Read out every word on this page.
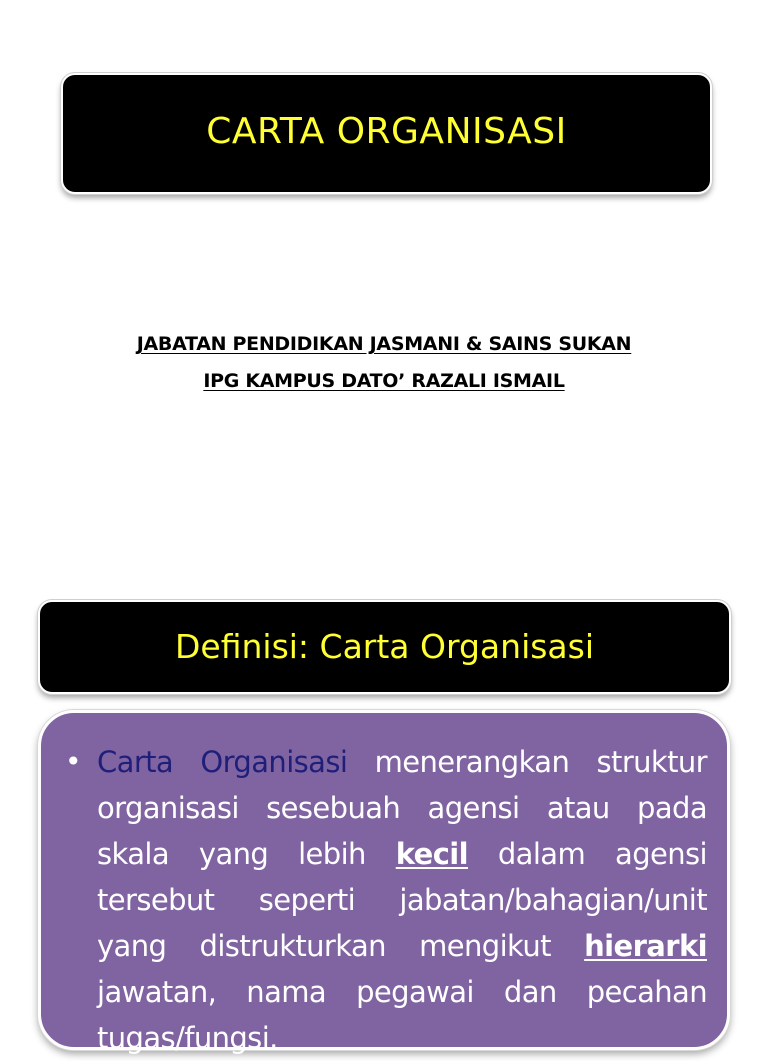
CARTA ORGANISASI
JABATAN PENDIDIKAN JASMANI & SAINS SUKAN
IPG KAMPUS DATO’ RAZALI ISMAIL
Definisi: Carta Organisasi
• Carta Organisasi menerangkan struktur organisasi sesebuah agensi atau pada skala yang lebih kecil dalam agensi tersebut seperti jabatan/bahagian/unit yang distrukturkan mengikut hierarki jawatan, nama pegawai dan pecahan tugas/fungsi.
